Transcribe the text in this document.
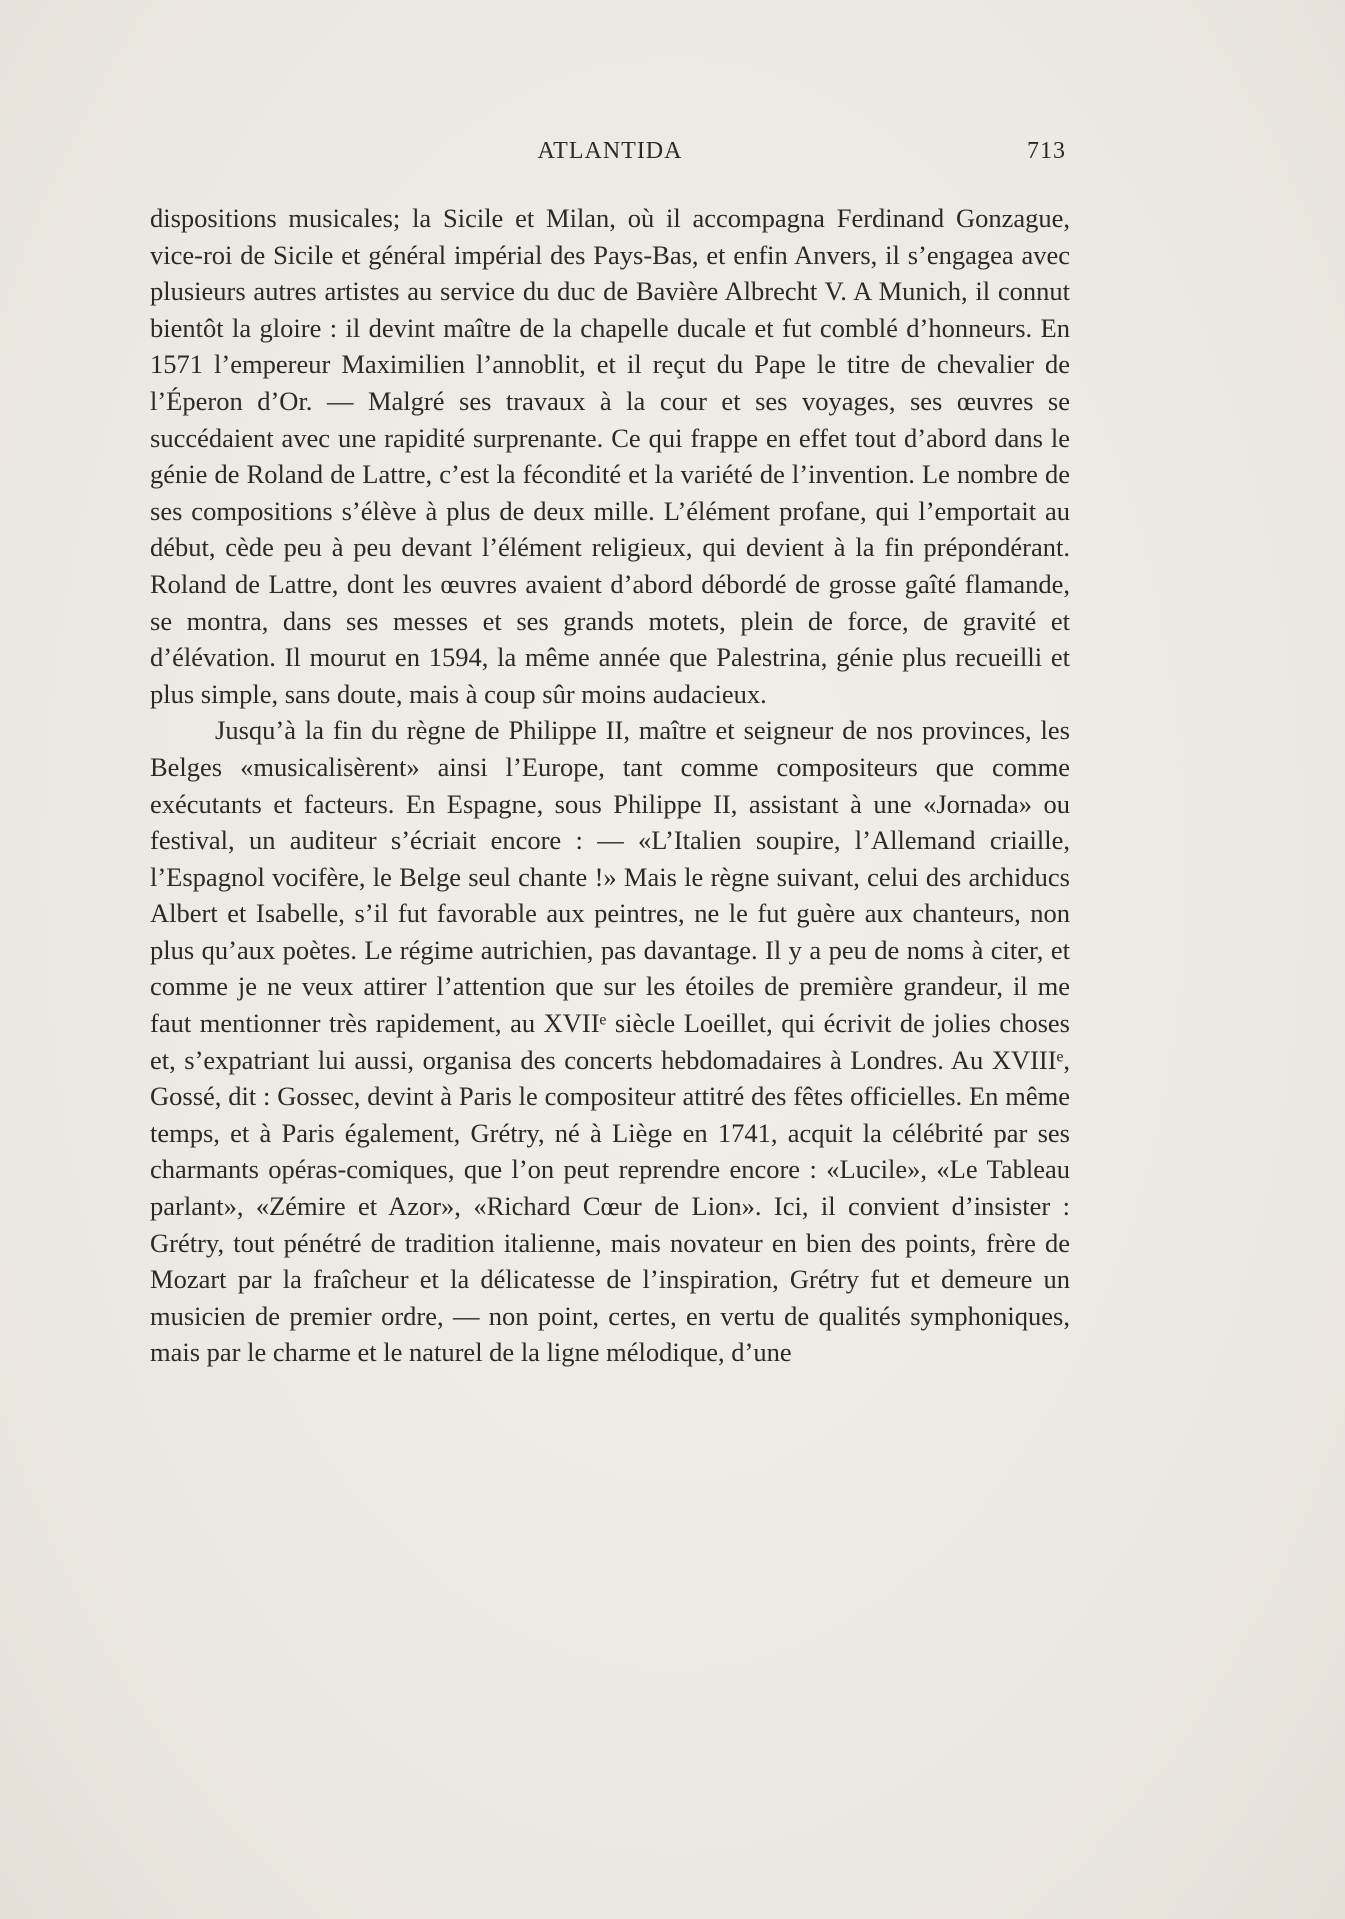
ATLANTIDA	713

dispositions musicales; la Sicile et Milan, où il accompagna Ferdinand Gonzague, vice-roi de Sicile et général impérial des Pays-Bas, et enfin Anvers, il s’engagea avec plusieurs autres artistes au service du duc de Bavière Albrecht V. A Munich, il connut bientôt la gloire : il devint maître de la chapelle ducale et fut comblé d’honneurs. En 1571 l’empereur Maximilien l’annoblit, et il reçut du Pape le titre de chevalier de l’Éperon d’Or. — Malgré ses travaux à la cour et ses voyages, ses œuvres se succédaient avec une rapidité surprenante. Ce qui frappe en effet tout d’abord dans le génie de Roland de Lattre, c’est la fécondité et la variété de l’invention. Le nombre de ses compositions s’élève à plus de deux mille. L’élément profane, qui l’emportait au début, cède peu à peu devant l’élément religieux, qui devient à la fin prépondérant. Roland de Lattre, dont les œuvres avaient d’abord débordé de grosse gaîté flamande, se montra, dans ses messes et ses grands motets, plein de force, de gravité et d’élévation. Il mourut en 1594, la même année que Palestrina, génie plus recueilli et plus simple, sans doute, mais à coup sûr moins audacieux.

Jusqu’à la fin du règne de Philippe II, maître et seigneur de nos provinces, les Belges «musicalisèrent» ainsi l’Europe, tant comme compositeurs que comme exécutants et facteurs. En Espagne, sous Philippe II, assistant à une «Jornada» ou festival, un auditeur s’écriait encore : — «L’Italien soupire, l’Allemand criaille, l’Espagnol vocifère, le Belge seul chante !» Mais le règne suivant, celui des archiducs Albert et Isabelle, s’il fut favorable aux peintres, ne le fut guère aux chanteurs, non plus qu’aux poètes. Le régime autrichien, pas davantage. Il y a peu de noms à citer, et comme je ne veux attirer l’attention que sur les étoiles de première grandeur, il me faut mentionner très rapidement, au XVIIᵉ siècle Loeillet, qui écrivit de jolies choses et, s’expatriant lui aussi, organisa des concerts hebdomadaires à Londres. Au XVIIIᵉ, Gossé, dit : Gossec, devint à Paris le compositeur attitré des fêtes officielles. En même temps, et à Paris également, Grétry, né à Liège en 1741, acquit la célébrité par ses charmants opéras-comiques, que l’on peut reprendre encore : «Lucile», «Le Tableau parlant», «Zémire et Azor», «Richard Cœur de Lion». Ici, il convient d’insister : Grétry, tout pénétré de tradition italienne, mais novateur en bien des points, frère de Mozart par la fraîcheur et la délicatesse de l’inspiration, Grétry fut et demeure un musicien de premier ordre, — non point, certes, en vertu de qualités symphoniques, mais par le charme et le naturel de la ligne mélodique, d’une
